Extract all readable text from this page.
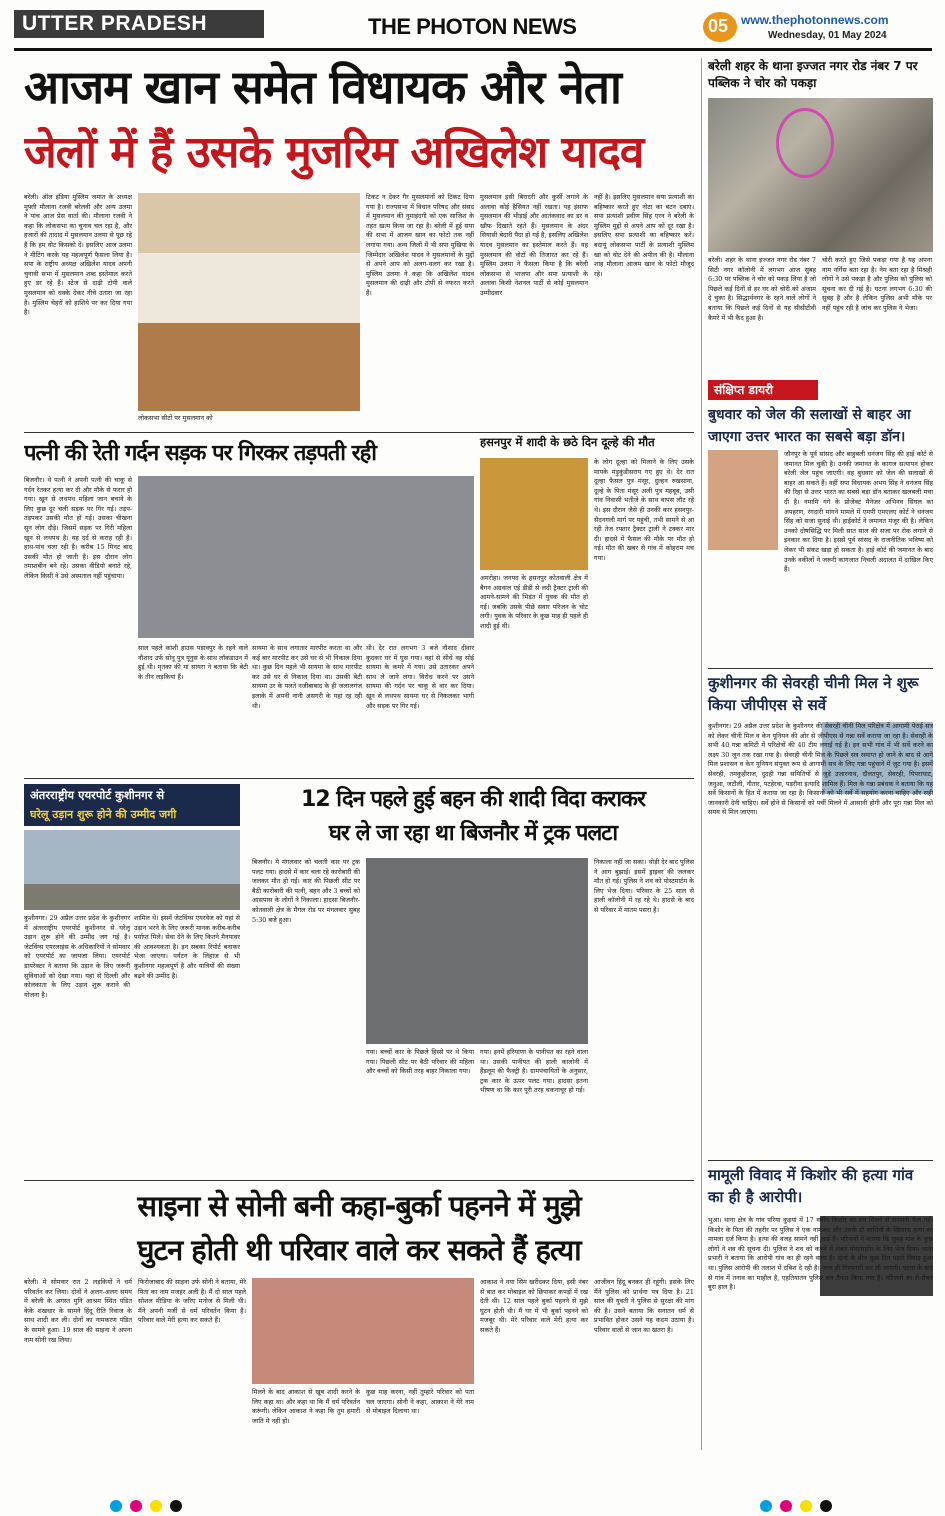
UTTER PRADESH	THE PHOTON NEWS	05 www.thephotonnews.com
Wednesday, 01 May 2024
आजम खान समेत विधायक और नेता
जेलों में हैं उसके मुजरिम अखिलेश यादव
बरेली। ऑल इंडिया मुस्लिम जमात के अध्यक्ष मुफ्ती मौलाना रजवी बरेलवी और अन्य उलमा ने पांच आज प्रेस वार्ता की। मौलाना रजवी ने कहा कि लोकसभा का चुनाव चल रहा है, और हजारों की तादाद में मुसलमान उलमा से पूछ रहे हैं कि हम वोट किसको दें। इसलिए आज उलमा ने मीटिंग करके यह महत्वपूर्ण फैसला लिया है। सपा के राष्ट्रीय अध्यक्ष अखिलेश यादव अपनी चुनावी सभा में मुसलमान शब्द इस्तेमाल करते हुए डर रहे हैं। स्टेज से दाढ़ी टोपी वाले मुसलमान को धक्के देकर नीचे उतारा जा रहा है। मुस्लिम चेहरों को हाशिये पर कर दिया गया है।
लोकसभा सीटों पर मुसलमान को
टिकट न देकर गैर मुसलमानों को टिकट दिया गया है। राज्यसभा में विधान परिषद और संसद में मुसलमान की नुमाइंदगी को एक साजिश के तहत खत्म किया जा रहा है। बरेली में हुई सपा की सभा में आजम खान का फोटो तक नहीं लगाया गया। अन्य जिलों में भी सपा मुखिया के जिम्मेदार अखिलेश यादव ने मुसलमानों के मुद्दों से अपने आप को अलग-थलग कर रखा है। मुस्लिम उलमा ने कहा कि अखिलेश यादव मुसलमान की दाढ़ी और टोपी से नफरत करते हैं।
मुसलमान इसी बिरादरी और कुर्सी लगाने के अलावा कोई हैसियत नहीं रखता। यह इंसाफ मुसलमान की भीड़ाई और आतंकवाद का डर व खौफ दिखाते रहते हैं। मुसलमान के अंदर सियासी बेदारी पैदा हो गई है, इसलिए अखिलेश यादव मुसलमान का इस्तेमाल करते हैं। यह मुसलमान की वोटों की तिजारत कर रहे हैं। मुस्लिम उलमा ने फैसला किया है कि बरेली लोकसभा से भाजपा और सपा प्रत्याशी के अलावा किसी नेशनल पार्टी से कोई मुसलमान उम्मीदवार
नहीं है। इसलिए मुसलमान सपा प्रत्याशी का बहिष्कार करते हुए नोटा का बटन दबाएं। सपा प्रत्याशी प्रवीण सिंह एरन ने बरेली के मुस्लिम मुद्दों से अपने आप को दूर रखा है। इसलिए सपा प्रत्याशी का बहिष्कार करें। बदायूं लोकसभा पार्टी के प्रत्याशी मुस्लिम खां को वोट देने की अपील की है। मौलाना शाह मौलाना आजम खान के फोटो मौजूद रहे।
बरेली शहर के थाना इज्जत नगर रोड नंबर 7 पर पब्लिक ने चोर को पकड़ा
बरेली। शहर के थाना इज्जत नगर रोड नंबर 7 सिटी नगर कॉलोनी में लगभग आज सुबह 6:30 पर पब्लिक ने चोर को पकड़ लिया है जो पिछले कई दिनों से हर घर को चोरी को अंजाम दे चुका है। सिद्धार्थनगर के रहने वाले लोगों ने बताया कि पिछले कई दिनों से यह सीसीटीवी कैमरे में भी कैद हुआ है।
चोरी करते हुए जिसे पकड़ा गया है यह अपना नाम नर्गिस बता रहा है। नेम बता रहा है मिश्रही लोगों ने उसे पकड़ा है और पुलिस को पुलिस को सूचना कर दी गई है। घटना लगभग 6:30 की सुबह है और है लेकिन पुलिस अभी मौके पर नहीं पहुंच रही है जांच कर पुलिस ने भेजा।
संक्षिप्त डायरी
बुधवार को जेल की सलाखों से बाहर आ जाएगा उत्तर भारत का सबसे बड़ा डॉन।
जौनपुर के पूर्व सांसद और बाहुबली धनंजय सिंह की हाई कोर्ट से जमानत मिल चुकी है। उनकी जमानत के कागज सत्यापन होकर बरेली जेल पहुंच जाएगी। वह बुधवार को जेल की सलाखों से बाहर आ सकते हैं। वहीं सपा विधायक अभय सिंह ने धनंजय सिंह की रिहा से उत्तर भारत का सबसे बड़ा डॉन बताकर खलबली मचा दी है। नमामि गंगे के प्रोजेक्ट मैनेजर अभिनव सिंघल का अपहरण, रंगदारी मांगने मामले में एमपी एमएलए कोर्ट ने धनंजय सिंह को सजा सुनाई थी। हाईकोर्ट ने जमानत मंजूर की है। लेकिन उनको दोषसिद्धि पर मिली सात साल की सजा पर रोक लगाने से इनकार कर दिया है। इससे पूर्व सांसद के राजनीतिक भविष्य को लेकर भी संकट खड़ा हो सकता है। हाई कोर्ट की जमानत के बाद उनके वकीलों ने जरूरी कागजात निचली अदालत में दाखिल किए हैं।
कुशीनगर की सेवरही चीनी मिल ने शुरू किया जीपीएस से सर्वे
कुशीनगर। 29 अप्रैल उत्तर प्रदेश के कुशीनगर की सेवरही चीनी मिल परिक्षेत्र में आगामी पेराई सत्र को लेकर चीनी मिल व केन यूनियन की ओर से जीपीएस से गन्ना सर्वे कराया जा रहा है। सेवरही के सभी 40 गन्ना कमिटी में परिक्षेत्रों की 40 टीम लगाई गई है। इन सभी गांव में भी सर्वे करने का लक्ष्य 30 जून तक रखा गया है। सेवरही चीनी मिल के पिछले सत्र समाप्त हो जाने के बाद से आगे मिल प्रशासन व केन यूनियन संयुक्त रूप से आगामी सत्र के लिए गन्ना पहुंचाने में जुट गया है। इसमें सेवरही, तमकुहीराज, दुदही गन्ना समितियों से जुड़े उजारनाथ, दौलतपुर, सेवरही, पिपराघाट, जनुआ, जटौली, नौतार, पटहेरवा, पड़रौना इत्यादि शामिल हैं। मिल के गन्ना प्रबंधक ने बताया कि यह सर्वे किसानों के हित में कराया जा रहा है। किसानों को भी सर्वे में सहयोग करना चाहिए और सही जानकारी देनी चाहिए। सर्वे होने से किसानों को पर्ची मिलने में आसानी होगी और पूरा गन्ना मिल को समय से मिल जाएगा।
मामूली विवाद में किशोर की हत्या गांव का ही है आरोपी।
भुआ। थाना क्षेत्र के गांव परिया कुइयां में 17 वर्षीय किशोर का शव मिलने से सनसनी फैल गई। किशोर के पिता की तहरीर पर पुलिस ने एक नामजद और उसके दो साथियों के खिलाफ हत्या का मामला दर्ज किया है। हत्या की वजह सामने नहीं आई है। परिजनों ने बताया कि सुबह गांव के कुछ लोगों ने शव की सूचना दी। पुलिस ने शव को कब्जे में लेकर पोस्टमार्टम के लिए भेज दिया। थाना प्रभारी ने बताया कि आरोपी गांव का ही रहने वाला है। दोनों के बीच कुछ दिन पहले विवाद हुआ था। पुलिस आरोपी की तलाश में दबिश दे रही है। जल्द ही गिरफ्तारी कर ली जाएगी। घटना के बाद से गांव में तनाव का माहौल है, एहतियातन पुलिस बल तैनात किया गया है। परिजनों का रो-रोकर बुरा हाल है।
पत्नी की रेती गर्दन सड़क पर गिरकर तड़पती रही
बिजनौर। थे पत्नी ने अपनी पत्नी की चाकू से गर्दन रेतकर हत्या कर दी और मौके से फरार हो गया। खून से लथपथ महिला जान बचाने के लिए कुछ दूर चली सड़क पर गिर गई। तड़प-तड़पकर उसकी मौत हो गई। उसका चीखना सुन लोग दौड़े। जिसमें सड़क पर गिरी महिला खून से लथपथ है। वह दर्द से कराह रही है। हाथ-पांव चला रही है। करीब 15 मिनट बाद उसकी मौत हो जाती है। इस दौरान लोग तमाशबीन बने रहे। उसका वीडियो बनाते रहे, लेकिन किसी ने उसे अस्पताल नहीं पहुंचाया।
साल पहले कांशी हाउस पड़ावपुर के रहने वाले नौशाद उर्फ सोनू पुत्र यूनुस के साथ लॉकडाउन में हुई थी। मृतका की मां सायरा ने बताया कि बेटी के तीन लड़कियां हैं।
सायमा के साथ लगातार मारपीट करता था और कई बार मारपीट कर उसे घर से भी निकाल दिया था। कुछ दिन पहले भी सायमा के साथ मारपीट कर उसे घर से निकाल दिया था। उसकी बेटी सायमा उर के पलते नजीबाबाद के ही जलालगंज इलाके में अपनी नानी असगरी के यहां रह रही थी।
थी। देर रात लगभग 3 बजे नौशाद दीवार कूदकर घर में घुस गया। वहां से सीधे वह सोई सायमा के कमरे में गया। उसे उतारकर अपने साथ ले जाने लगा। विरोध करने पर उसने सायमा की गर्दन पर चाकू से वार कर दिया। खून से लथपथ सायमा घर से निकलकर भागी और सड़क पर गिर गई।
हसनपुर में शादी के छठे दिन दूल्हे की मौत
अमरोहा। जनपद के हसनपुर कोतवाली क्षेत्र में बैगन अग्रवाल एई डीडी से लदी ट्रैक्टर ट्राली की आमने-सामने की भिड़ंत में युवक की मौत हो गई। जबकि उसके पीछे सवार परिजन के चोट लगी। युवक के परिवार के कुछ माह ही पहले ही शादी हुई थी।
के लोग दूल्हा को मिलाने के लिए उसके मायके मंड़ुकुंडीसराय गए हुए थे। देर रात दूल्हा फैसल पुत्र मंसूर, दुल्हन रुखसाना, दूल्हे के पिता मंसूर अली पुत्र महबूब, उसी गांव निवासी भतीजे के साथ वापस लौट रहे थे। इस दौरान जैसे ही उनकी कार हसनपुर-सैदनगली मार्ग पर पहुंची, तभी सामने से आ रही तेज रफ्तार ट्रैक्टर ट्राली ने टक्कर मार दी। हादसे में फैसल की मौके पर मौत हो गई। मौत की खबर से गांव में कोहराम मच गया।
अंतरराष्ट्रीय एयरपोर्ट कुशीनगर से
घरेलू उड़ान शुरू होने की उम्मीद जगी
कुशीनगर। 29 अप्रैल उत्तर प्रदेश के कुशीनगर में अंतरराष्ट्रीय एयरपोर्ट कुशीनगर से घरेलू उड़ान शुरू होने की उम्मीद जग गई है। जेटविंग्स एयरलाइंस के अधिकारियों ने सोमवार को एयरपोर्ट का जायजा लिया। एयरपोर्ट डायरेक्टर ने बताया कि उड़ान के लिए जरूरी सुविधाओं को देखा गया। यहां से दिल्ली और कोलकाता के लिए उड़ान शुरू कराने की योजना है।
शामिल थे। इसमें जेटविंग्स एयरवेज को यहां से उड़ान भरने के लिए जरूरी मानक करीब-करीब पर्याप्त मिले। सेवा देने के लिए कितने मैनपावर की आवश्यकता है। इन सबका रिपोर्ट बनाकर भेजा जाएगा। पर्यटन के लिहाज से भी कुशीनगर महत्वपूर्ण है और यात्रियों की संख्या बढ़ने की उम्मीद है।
12 दिन पहले हुई बहन की शादी विदा कराकर
घर ले जा रहा था बिजनौर में ट्रक पलटा
बिजनौर। मे मंगलवार को चलती कार पर ट्रक पलट गया। हादसे में कार चला रहे कारोबारी की जलकर मौत हो गई। कार की पिछली सीट पर बैठी कारोबारी की पत्नी, बहन और 3 बच्चों को आसपास के लोगों ने निकाला। हादसा बिजनौर-कोतवाली क्षेत्र के मैगल रोड पर मंगलवार सुबह 5:30 बजे हुआ।
गया। बच्चों कार के पिछले हिस्से पर थे किया गया। पिछली सीट पर बैठी परिवार की महिला और बच्चों को किसी तरह बाहर निकाला गया।
गया। इनमें हरियाणा के पानीपत का रहने वाला था। उसकी पानीपत की हाली कालोनी में हैंडलूम की फैक्ट्री है। ग्रामपंचायितों के अनुसार, ट्रक कार के ऊपर पलट गया। हादसा इतना भीषण था कि कार पूरी तरह चकनाचूर हो गई।
निकाला नहीं जा सका। थोड़ी देर बाद पुलिस ने आग बुझाई। इसमें ड्राइवर की जलकर मौत हो गई। पुलिस ने शव को पोस्टमार्टम के लिए भेज दिया। परिवार के 25 साल से हाली कॉलोनी में रह रहे थे। हादसे के बाद से परिवार में मातम पसरा है।
साइना से सोनी बनी कहा-बुर्का पहनने में मुझे
घुटन होती थी परिवार वाले कर सकते हैं हत्या
बरेली। मे सोमवार रात 2 लड़कियों ने धर्म परिवर्तन कर लिया। दोनों ने अलग-अलग समय में बरेली के अगस्त मुनि आश्रम स्थित पंडित केके शंखधार के सामने हिंदू रीति रिवाज के साथ शादी कर ली। दोनों का नामकरण पंडित के सामने हुआ। 19 साल की साइना ने अपना नाम सोनी रख लिया।
फिरोजाबाद की साइना उर्फ सोनी ने बताया, मेरे पिता का नाम मजहर अली है। मैं दो साल पहले सोशल मीडिया के जरिए मनोज से मिली थी। मैंने अपनी मर्जी से धर्म परिवर्तन किया है। परिवार वाले मेरी हत्या कर सकते हैं।
मिलने के बाद आकाश से खूब शादी करने के लिए कहा था। और कहा था कि मैं धर्म परिवर्तन करूंगी। लेकिन आकाश ने कहा कि तुम हमारी जाति मे नहीं हो।
कुछ माह करना, नहीं तुम्हारे परिवार को पता चल जाएगा। सोनी ने कहा, आकाश ने मेरे नाम से मोबाइल दिलाया था।
आकाश ने नया सिम खरीदकर दिया, इसी नंबर से बात कर मोबाइल को छिपाकर कपड़ों में रख देती थी। 12 साल पहले बुर्का पहनने से मुझे घुटन होती थी। मैं घर में भी बुर्का पहनने को मजबूर थी। मेरे परिवार वाले मेरी हत्या कर सकते हैं।
आजीवन हिंदू बनकर ही रहूंगी। इसके लिए मैंने पुलिस को प्रार्थना पत्र दिया है। 21 साल की युवती ने पुलिस से सुरक्षा की मांग की है। उसने बताया कि सनातन धर्म से प्रभावित होकर उसने यह कदम उठाया है। परिवार वालों से जान का खतरा है।
